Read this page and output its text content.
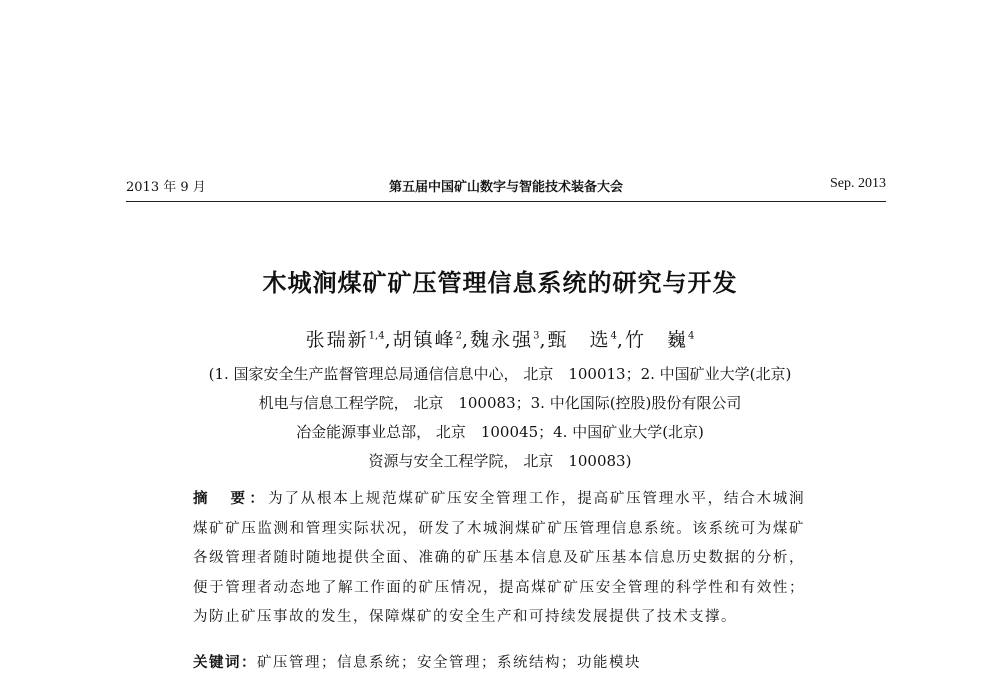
2013 年 9 月	第五届中国矿山数字与智能技术装备大会	Sep. 2013
木城涧煤矿矿压管理信息系统的研究与开发
张瑞新$^{1,4}$,胡镇峰$^2$,魏永强$^3$,甄　选$^4$,竹　巍$^4$
(1. 国家安全生产监督管理总局通信信息中心， 北京　100013；2. 中国矿业大学(北京)
机电与信息工程学院， 北京　100083；3. 中化国际(控股)股份有限公司
冶金能源事业总部， 北京　100045；4. 中国矿业大学(北京)
资源与安全工程学院， 北京　100083)
摘　要：为了从根本上规范煤矿矿压安全管理工作，提高矿压管理水平，结合木城涧煤矿矿压监测和管理实际状况，研发了木城涧煤矿矿压管理信息系统。该系统可为煤矿各级管理者随时随地提供全面、准确的矿压基本信息及矿压基本信息历史数据的分析，便于管理者动态地了解工作面的矿压情况，提高煤矿矿压安全管理的科学性和有效性；为防止矿压事故的发生，保障煤矿的安全生产和可持续发展提供了技术支撑。
关键词：矿压管理；信息系统；安全管理；系统结构；功能模块
